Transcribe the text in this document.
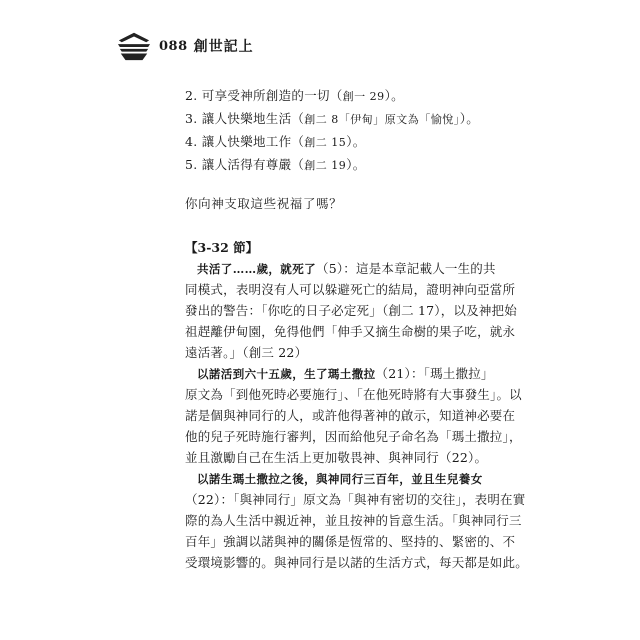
088 創世記上
2. 可享受神所創造的一切（創一 29）。
3. 讓人快樂地生活（創二 8「伊甸」原文為「愉悅」）。
4. 讓人快樂地工作（創二 15）。
5. 讓人活得有尊嚴（創二 19）。
你向神支取這些祝福了嗎？
【3-32 節】
共活了……歲，就死了（5）：這是本章記載人一生的共
同模式，表明沒有人可以躲避死亡的結局，證明神向亞當所
發出的警告：「你吃的日子必定死」（創二 17），以及神把始
祖趕離伊甸園，免得他們「伸手又摘生命樹的果子吃，就永
遠活著。」（創三 22）
以諾活到六十五歲，生了瑪土撒拉（21）：「瑪土撒拉」
原文為「到他死時必要施行」、「在他死時將有大事發生」。以
諾是個與神同行的人，或許他得著神的啟示，知道神必要在
他的兒子死時施行審判，因而給他兒子命名為「瑪土撒拉」，
並且激勵自己在生活上更加敬畏神、與神同行（22）。
以諾生瑪土撒拉之後，與神同行三百年，並且生兒養女
（22）：「與神同行」原文為「與神有密切的交往」，表明在實
際的為人生活中親近神，並且按神的旨意生活。「與神同行三
百年」強調以諾與神的關係是恆常的、堅持的、緊密的、不
受環境影響的。與神同行是以諾的生活方式，每天都是如此。
